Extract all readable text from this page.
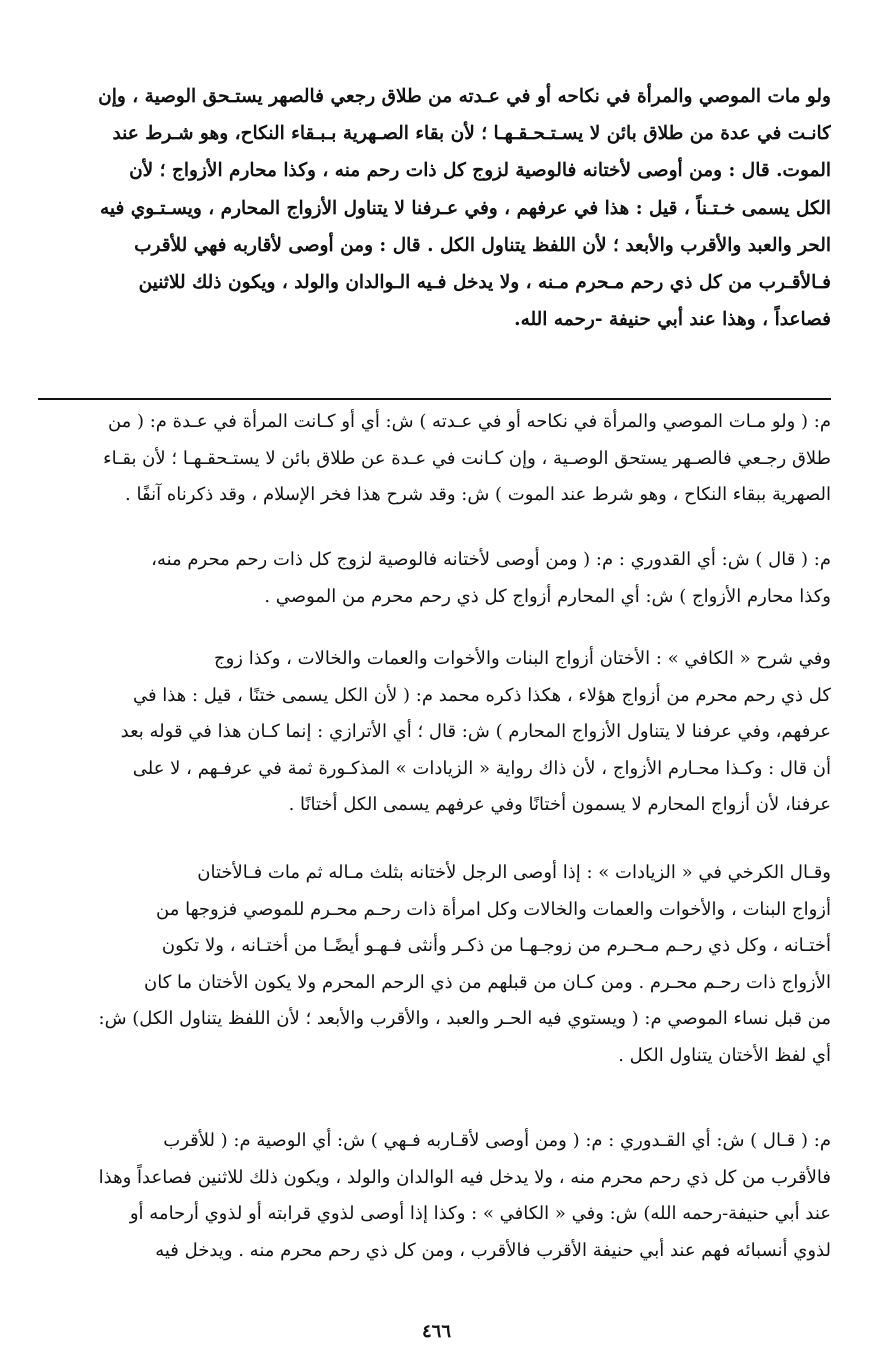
ولو مات الموصي والمرأة في نكاحه أو في عـدته من طلاق رجعي فالصهر يستـحق الوصية ، وإن
كانـت في عدة من طلاق بائن لا يسـتـحـقـهـا ؛ لأن بقاء الصـهرية بـبـقاء النكاح، وهو شـرط عند
الموت. قال : ومن أوصى لأختانه فالوصية لزوج كل ذات رحم منه ، وكذا محارم الأزواج ؛ لأن
الكل يسمى خـتـناً ، قيل : هذا في عرفهم ، وفي عـرفنا لا يتناول الأزواج المحارم ، ويسـتـوي فيه
الحر والعبد والأقرب والأبعد ؛ لأن اللفظ يتناول الكل . قال : ومن أوصى لأقاربه فهي للأقرب
فـالأقـرب من كل ذي رحم مـحرم مـنه ، ولا يدخل فـيه الـوالدان والولد ، ويكون ذلك للاثنين
فصاعداً ، وهذا عند أبي حنيفة -رحمه الله.
م: ( ولو مـات الموصي والمرأة في نكاحه أو في عـدته ) ش: أي أو كـانت المرأة في عـدة م: ( من
طلاق رجـعي فالصـهر يستحق الوصـية ، وإن كـانت في عـدة عن طلاق بائن لا يستـحقـهـا ؛ لأن بقـاء
الصهرية ببقاء النكاح ، وهو شرط عند الموت ) ش: وقد شرح هذا فخر الإسلام ، وقد ذكرناه آنفًا .
م: ( قال ) ش: أي القدوري : م: ( ومن أوصى لأختانه فالوصية لزوج كل ذات رحم محرم منه،
وكذا محارم الأزواج ) ش: أي المحارم أزواج كل ذي رحم محرم من الموصي .
وفي شرح « الكافي » : الأختان أزواج البنات والأخوات والعمات والخالات ، وكذا زوج
كل ذي رحم محرم من أزواج هؤلاء ، هكذا ذكره محمد م: ( لأن الكل يسمى ختنًا ، قيل : هذا في
عرفهم، وفي عرفنا لا يتناول الأزواج المحارم ) ش: قال ؛ أي الأترازي : إنما كـان هذا في قوله بعد
أن قال : وكـذا محـارم الأزواج ، لأن ذاك رواية « الزيادات » المذكـورة ثمة في عرفـهم ، لا على
عرفنا، لأن أزواج المحارم لا يسمون أختانًا وفي عرفهم يسمى الكل أختانًا .
وقـال الكرخي في « الزيادات » : إذا أوصى الرجل لأختانه بثلث مـاله ثم مات فـالأختان
أزواج البنات ، والأخوات والعمات والخالات وكل امرأة ذات رحـم محـرم للموصي فزوجها من
أختـانه ، وكل ذي رحـم مـحـرم من زوجـهـا من ذكـر وأنثى فـهـو أيضًـا من أختـانه ، ولا تكون
الأزواج ذات رحـم محـرم . ومن كـان من قبلهم من ذي الرحم المحرم ولا يكون الأختان ما كان
من قبل نساء الموصي م: ( ويستوي فيه الحـر والعبد ، والأقرب والأبعد ؛ لأن اللفظ يتناول الكل) ش:
أي لفظ الأختان يتناول الكل .
م: ( قـال ) ش: أي القـدوري : م: ( ومن أوصى لأقـاربه فـهي ) ش: أي الوصية م: ( للأقرب
فالأقرب من كل ذي رحم محرم منه ، ولا يدخل فيه الوالدان والولد ، ويكون ذلك للاثنين فصاعداً وهذا
عند أبي حنيفة-رحمه الله) ش: وفي « الكافي » : وكذا إذا أوصى لذوي قرابته أو لذوي أرحامه أو
لذوي أنسبائه فهم عند أبي حنيفة الأقرب فالأقرب ، ومن كل ذي رحم محرم منه . ويدخل فيه
٤٦٦
